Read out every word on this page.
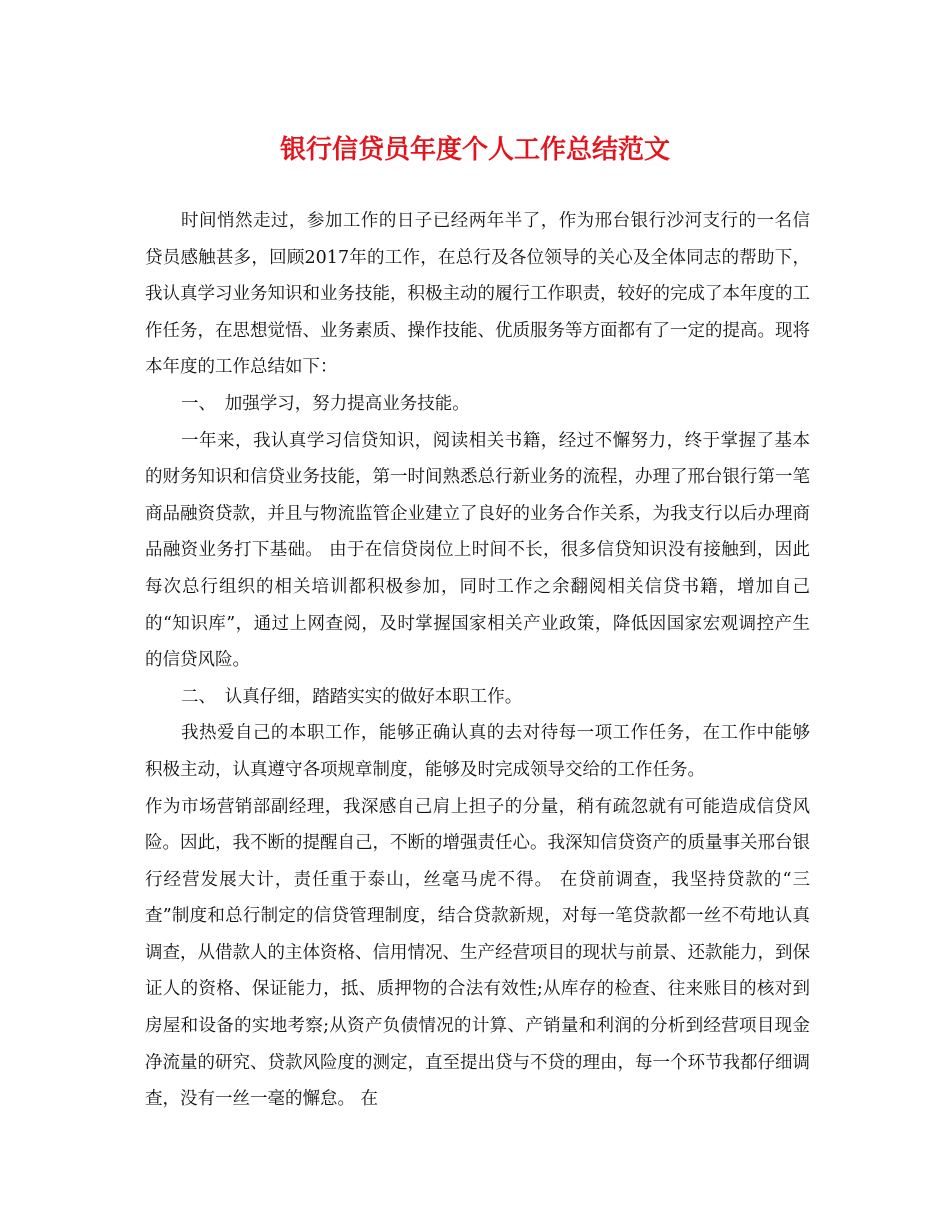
银行信贷员年度个人工作总结范文

时间悄然走过，参加工作的日子已经两年半了，作为邢台银行沙河支行的一名信贷员感触甚多，回顾2017年的工作，在总行及各位领导的关心及全体同志的帮助下，我认真学习业务知识和业务技能，积极主动的履行工作职责，较好的完成了本年度的工作任务，在思想觉悟、业务素质、操作技能、优质服务等方面都有了一定的提高。现将本年度的工作总结如下：

一、　加强学习，努力提高业务技能。

一年来，我认真学习信贷知识，阅读相关书籍，经过不懈努力，终于掌握了基本的财务知识和信贷业务技能，第一时间熟悉总行新业务的流程，办理了邢台银行第一笔商品融资贷款，并且与物流监管企业建立了良好的业务合作关系，为我支行以后办理商品融资业务打下基础。 由于在信贷岗位上时间不长，很多信贷知识没有接触到，因此每次总行组织的相关培训都积极参加，同时工作之余翻阅相关信贷书籍，增加自己的“知识库”，通过上网查阅，及时掌握国家相关产业政策，降低因国家宏观调控产生的信贷风险。

二、　认真仔细，踏踏实实的做好本职工作。

我热爱自己的本职工作，能够正确认真的去对待每一项工作任务，在工作中能够积极主动，认真遵守各项规章制度，能够及时完成领导交给的工作任务。

作为市场营销部副经理，我深感自己肩上担子的分量，稍有疏忽就有可能造成信贷风险。因此，我不断的提醒自己，不断的增强责任心。我深知信贷资产的质量事关邢台银行经营发展大计，责任重于泰山，丝毫马虎不得。 在贷前调查，我坚持贷款的“三查”制度和总行制定的信贷管理制度，结合贷款新规，对每一笔贷款都一丝不苟地认真调查，从借款人的主体资格、信用情况、生产经营项目的现状与前景、还款能力，到保证人的资格、保证能力，抵、质押物的合法有效性;从库存的检查、往来账目的核对到房屋和设备的实地考察;从资产负债情况的计算、产销量和利润的分析到经营项目现金净流量的研究、贷款风险度的测定，直至提出贷与不贷的理由，每一个环节我都仔细调查，没有一丝一毫的懈怠。 在
